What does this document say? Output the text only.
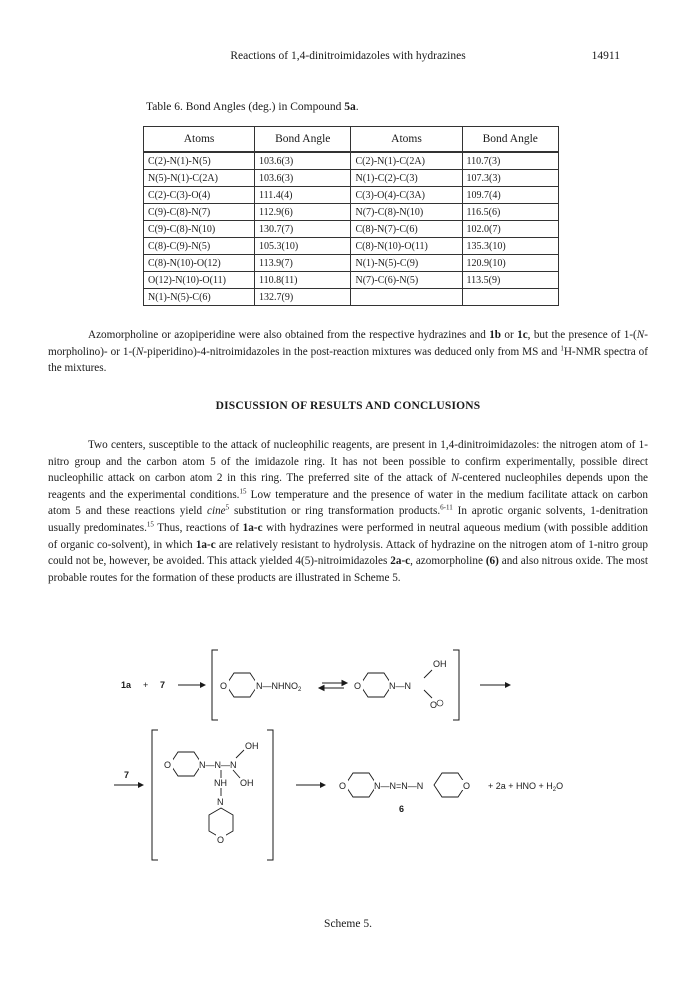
Reactions of 1,4-dinitroimidazoles with hydrazines	14911
Table 6. Bond Angles (deg.) in Compound 5a.
Atoms	Bond Angle	Atoms	Bond Angle
C(2)-N(1)-N(5)	103.6(3)	C(2)-N(1)-C(2A)	110.7(3)
N(5)-N(1)-C(2A)	103.6(3)	N(1)-C(2)-C(3)	107.3(3)
C(2)-C(3)-O(4)	111.4(4)	C(3)-O(4)-C(3A)	109.7(4)
C(9)-C(8)-N(7)	112.9(6)	N(7)-C(8)-N(10)	116.5(6)
C(9)-C(8)-N(10)	130.7(7)	C(8)-N(7)-C(6)	102.0(7)
C(8)-C(9)-N(5)	105.3(10)	C(8)-N(10)-O(11)	135.3(10)
C(8)-N(10)-O(12)	113.9(7)	N(1)-N(5)-C(9)	120.9(10)
O(12)-N(10)-O(11)	110.8(11)	N(7)-C(6)-N(5)	113.5(9)
N(1)-N(5)-C(6)	132.7(9)		

Azomorpholine or azopiperidine were also obtained from the respective hydrazines and 1b or 1c, but the presence of 1-(N-morpholino)- or 1-(N-piperidino)-4-nitroimidazoles in the post-reaction mixtures was deduced only from MS and $^1$H-NMR spectra of the mixtures.

DISCUSSION OF RESULTS AND CONCLUSIONS

Two centers, susceptible to the attack of nucleophilic reagents, are present in 1,4-dinitroimidazoles: the nitrogen atom of 1-nitro group and the carbon atom 5 of the imidazole ring. It has not been possible to confirm experimentally, possible direct nucleophilic attack on carbon atom 2 in this ring. The preferred site of the attack of N-centered nucleophiles depends upon the reagents and the experimental conditions.$^{15}$ Low temperature and the presence of water in the medium facilitate attack on carbon atom 5 and these reactions yield cine$^5$ substitution or ring transformation products.$^{6-11}$ In aprotic organic solvents, 1-denitration usually predominates.$^{15}$ Thus, reactions of 1a-c with hydrazines were performed in neutral aqueous medium (with possible addition of organic co-solvent), in which 1a-c are relatively resistant to hydrolysis. Attack of hydrazine on the nitrogen atom of 1-nitro group could not be, however, be avoided. This attack yielded 4(5)-nitroimidazoles 2a-c, azomorpholine (6) and also nitrous oxide. The most probable routes for the formation of these products are illustrated in Scheme 5.

1a + 7	O	$N—NHNO_2$	O	N—N
OH
O
7
O	N—N—N
OH
OH
NH
N
O
O	N—N=N—N	O
6
+ 2a + HNO + $H_2O$
Scheme 5.
